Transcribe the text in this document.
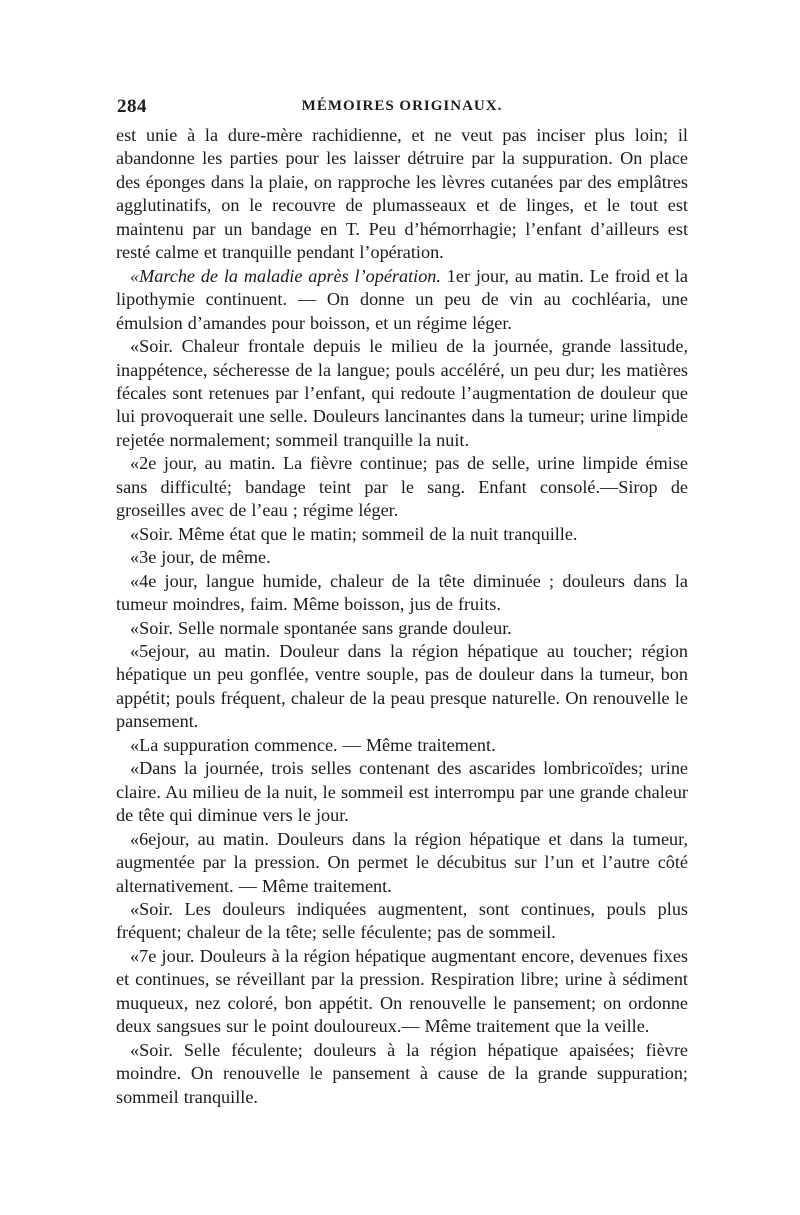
284	MÉMOIRES ORIGINAUX.

est unie à la dure-mère rachidienne, et ne veut pas inciser plus loin; il abandonne les parties pour les laisser détruire par la suppuration. On place des éponges dans la plaie, on rapproche les lèvres cutanées par des emplâtres agglutinatifs, on le recouvre de plumasseaux et de linges, et le tout est maintenu par un bandage en T. Peu d’hémorrhagie; l’enfant d’ailleurs est resté calme et tranquille pendant l’opération.

«Marche de la maladie après l’opération. 1er jour, au matin. Le froid et la lipothymie continuent. — On donne un peu de vin au cochléaria, une émulsion d’amandes pour boisson, et un régime léger.

«Soir. Chaleur frontale depuis le milieu de la journée, grande lassitude, inappétence, sécheresse de la langue; pouls accéléré, un peu dur; les matières fécales sont retenues par l’enfant, qui redoute l’augmentation de douleur que lui provoquerait une selle. Douleurs lancinantes dans la tumeur; urine limpide rejetée normalement; sommeil tranquille la nuit.

«2e jour, au matin. La fièvre continue; pas de selle, urine limpide émise sans difficulté; bandage teint par le sang. Enfant consolé.—Sirop de groseilles avec de l’eau ; régime léger.

«Soir. Même état que le matin; sommeil de la nuit tranquille.

«3e jour, de même.

«4e jour, langue humide, chaleur de la tête diminuée ; douleurs dans la tumeur moindres, faim. Même boisson, jus de fruits.

«Soir. Selle normale spontanée sans grande douleur.

«5ejour, au matin. Douleur dans la région hépatique au toucher; région hépatique un peu gonflée, ventre souple, pas de douleur dans la tumeur, bon appétit; pouls fréquent, chaleur de la peau presque naturelle. On renouvelle le pansement.

«La suppuration commence. — Même traitement.

«Dans la journée, trois selles contenant des ascarides lombricoïdes; urine claire. Au milieu de la nuit, le sommeil est interrompu par une grande chaleur de tête qui diminue vers le jour.

«6ejour, au matin. Douleurs dans la région hépatique et dans la tumeur, augmentée par la pression. On permet le décubitus sur l’un et l’autre côté alternativement. — Même traitement.

«Soir. Les douleurs indiquées augmentent, sont continues, pouls plus fréquent; chaleur de la tête; selle féculente; pas de sommeil.

«7e jour. Douleurs à la région hépatique augmentant encore, devenues fixes et continues, se réveillant par la pression. Respiration libre; urine à sédiment muqueux, nez coloré, bon appétit. On renouvelle le pansement; on ordonne deux sangsues sur le point douloureux.— Même traitement que la veille.

«Soir. Selle féculente; douleurs à la région hépatique apaisées; fièvre moindre. On renouvelle le pansement à cause de la grande suppuration; sommeil tranquille.
